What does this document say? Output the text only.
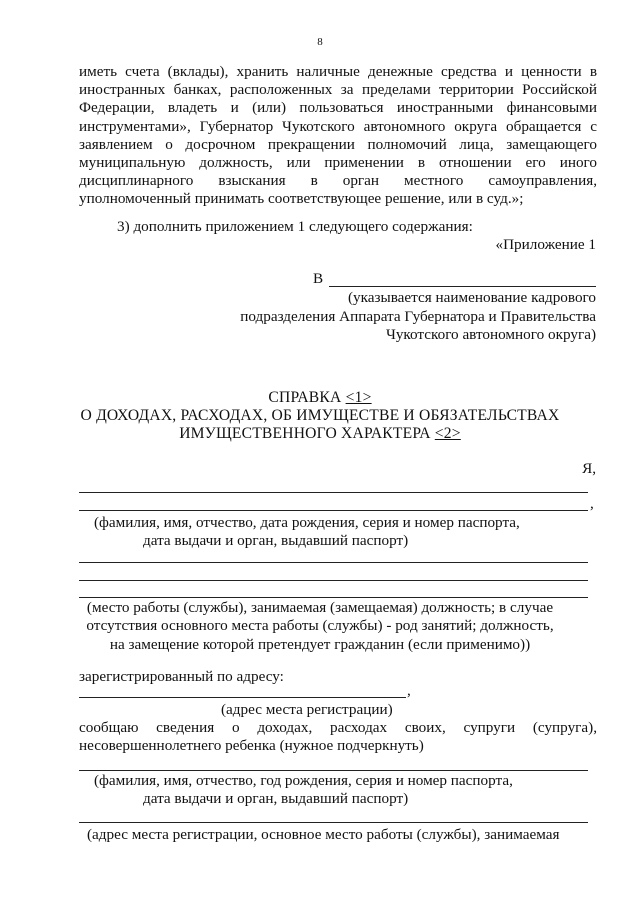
8
иметь счета (вклады), хранить наличные денежные средства и ценности в
иностранных банках, расположенных за пределами территории Российской
Федерации, владеть и (или) пользоваться иностранными финансовыми
инструментами», Губернатор Чукотского автономного округа обращается с
заявлением о досрочном прекращении полномочий лица, замещающего
муниципальную должность, или применении в отношении его иного
дисциплинарного взыскания в орган местного самоуправления,
уполномоченный принимать соответствующее решение, или в суд.»;
3) дополнить приложением 1 следующего содержания:
«Приложение 1
В
(указывается наименование кадрового
подразделения Аппарата Губернатора и Правительства
Чукотского автономного округа)
СПРАВКА <1>
О ДОХОДАХ, РАСХОДАХ, ОБ ИМУЩЕСТВЕ И ОБЯЗАТЕЛЬСТВАХ
ИМУЩЕСТВЕННОГО ХАРАКТЕРА <2>
Я,
,
(фамилия, имя, отчество, дата рождения, серия и номер паспорта,
дата выдачи и орган, выдавший паспорт)
(место работы (службы), занимаемая (замещаемая) должность; в случае
отсутствия основного места работы (службы) - род занятий; должность,
на замещение которой претендует гражданин (если применимо))
зарегистрированный по адресу:
,
(адрес места регистрации)
сообщаю сведения о доходах, расходах своих, супруги (супруга),
несовершеннолетнего ребенка (нужное подчеркнуть)
(фамилия, имя, отчество, год рождения, серия и номер паспорта,
дата выдачи и орган, выдавший паспорт)
(адрес места регистрации, основное место работы (службы), занимаемая
